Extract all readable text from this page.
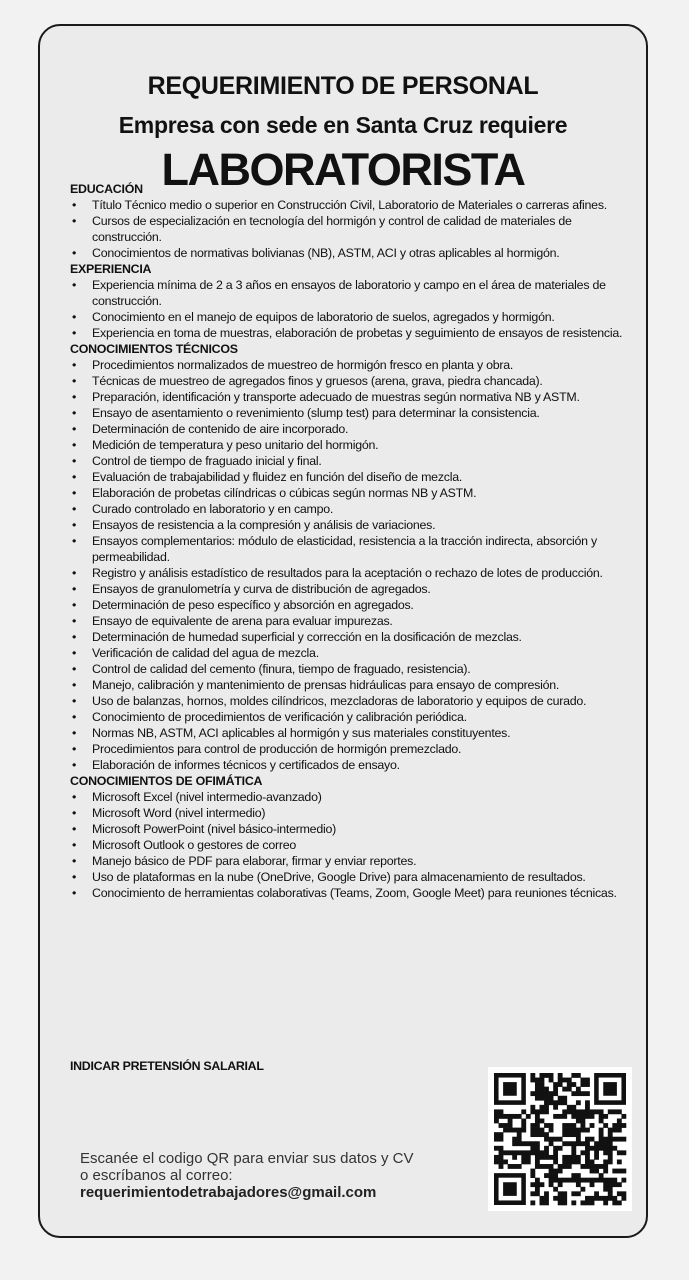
REQUERIMIENTO DE PERSONAL
Empresa con sede en Santa Cruz requiere
LABORATORISTA
EDUCACIÓN
• Título Técnico medio o superior en Construcción Civil, Laboratorio de Materiales o carreras afines.
• Cursos de especialización en tecnología del hormigón y control de calidad de materiales de construcción.
• Conocimientos de normativas bolivianas (NB), ASTM, ACI y otras aplicables al hormigón.
EXPERIENCIA
• Experiencia mínima de 2 a 3 años en ensayos de laboratorio y campo en el área de materiales de construcción.
• Conocimiento en el manejo de equipos de laboratorio de suelos, agregados y hormigón.
• Experiencia en toma de muestras, elaboración de probetas y seguimiento de ensayos de resistencia.
CONOCIMIENTOS TÉCNICOS
• Procedimientos normalizados de muestreo de hormigón fresco en planta y obra.
• Técnicas de muestreo de agregados finos y gruesos (arena, grava, piedra chancada).
• Preparación, identificación y transporte adecuado de muestras según normativa NB y ASTM.
• Ensayo de asentamiento o revenimiento (slump test) para determinar la consistencia.
• Determinación de contenido de aire incorporado.
• Medición de temperatura y peso unitario del hormigón.
• Control de tiempo de fraguado inicial y final.
• Evaluación de trabajabilidad y fluidez en función del diseño de mezcla.
• Elaboración de probetas cilíndricas o cúbicas según normas NB y ASTM.
• Curado controlado en laboratorio y en campo.
• Ensayos de resistencia a la compresión y análisis de variaciones.
• Ensayos complementarios: módulo de elasticidad, resistencia a la tracción indirecta, absorción y permeabilidad.
• Registro y análisis estadístico de resultados para la aceptación o rechazo de lotes de producción.
• Ensayos de granulometría y curva de distribución de agregados.
• Determinación de peso específico y absorción en agregados.
• Ensayo de equivalente de arena para evaluar impurezas.
• Determinación de humedad superficial y corrección en la dosificación de mezclas.
• Verificación de calidad del agua de mezcla.
• Control de calidad del cemento (finura, tiempo de fraguado, resistencia).
• Manejo, calibración y mantenimiento de prensas hidráulicas para ensayo de compresión.
• Uso de balanzas, hornos, moldes cilíndricos, mezcladoras de laboratorio y equipos de curado.
• Conocimiento de procedimientos de verificación y calibración periódica.
• Normas NB, ASTM, ACI aplicables al hormigón y sus materiales constituyentes.
• Procedimientos para control de producción de hormigón premezclado.
• Elaboración de informes técnicos y certificados de ensayo.
CONOCIMIENTOS DE OFIMÁTICA
• Microsoft Excel (nivel intermedio-avanzado)
• Microsoft Word (nivel intermedio)
• Microsoft PowerPoint (nivel básico-intermedio)
• Microsoft Outlook o gestores de correo
• Manejo básico de PDF para elaborar, firmar y enviar reportes.
• Uso de plataformas en la nube (OneDrive, Google Drive) para almacenamiento de resultados.
• Conocimiento de herramientas colaborativas (Teams, Zoom, Google Meet) para reuniones técnicas.
INDICAR PRETENSIÓN SALARIAL
Escanée el codigo QR para enviar sus datos y CV
o escríbanos al correo:
requerimientodetrabajadores@gmail.com
